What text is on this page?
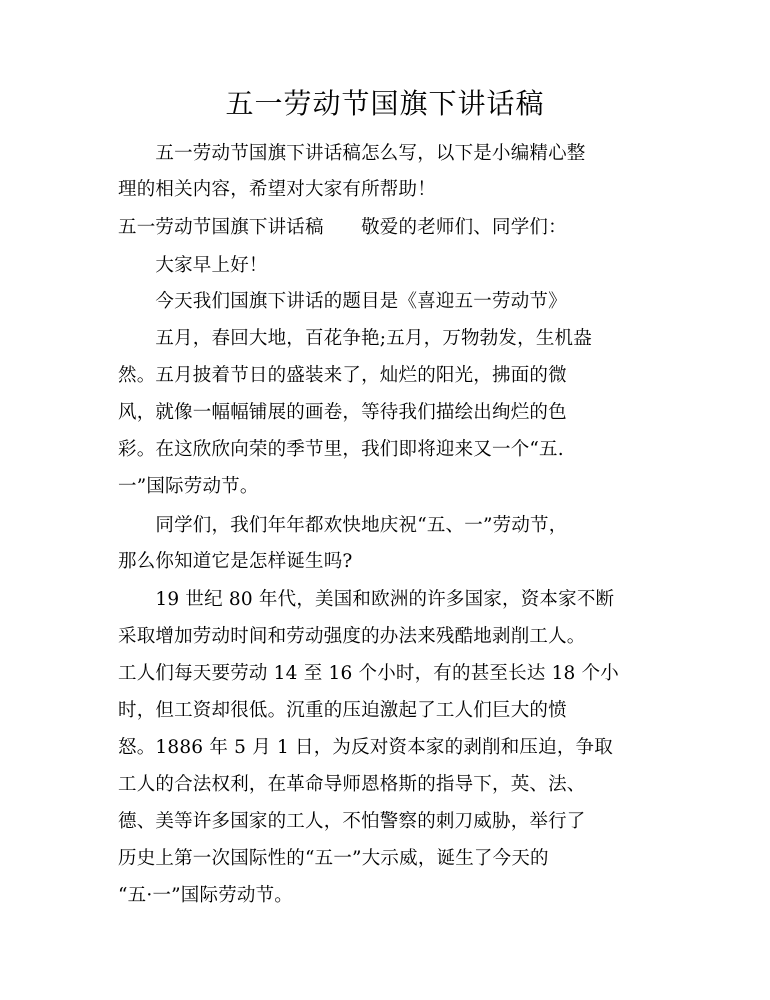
五一劳动节国旗下讲话稿
　　五一劳动节国旗下讲话稿怎么写，以下是小编精心整
理的相关内容，希望对大家有所帮助！
五一劳动节国旗下讲话稿　　敬爱的老师们、同学们：
　　大家早上好！
　　今天我们国旗下讲话的题目是《喜迎五一劳动节》
　　五月，春回大地，百花争艳;五月，万物勃发，生机盎
然。五月披着节日的盛装来了，灿烂的阳光，拂面的微
风，就像一幅幅铺展的画卷，等待我们描绘出绚烂的色
彩。在这欣欣向荣的季节里，我们即将迎来又一个“五.
一”国际劳动节。
　　同学们，我们年年都欢快地庆祝“五、一”劳动节，
那么你知道它是怎样诞生吗?
　　19 世纪 80 年代，美国和欧洲的许多国家，资本家不断
采取增加劳动时间和劳动强度的办法来残酷地剥削工人。
工人们每天要劳动 14 至 16 个小时，有的甚至长达 18 个小
时，但工资却很低。沉重的压迫激起了工人们巨大的愤
怒。1886 年 5 月 1 日，为反对资本家的剥削和压迫，争取
工人的合法权利，在革命导师恩格斯的指导下，英、法、
德、美等许多国家的工人，不怕警察的刺刀威胁，举行了
历史上第一次国际性的“五一”大示威，诞生了今天的
“五·一”国际劳动节。
